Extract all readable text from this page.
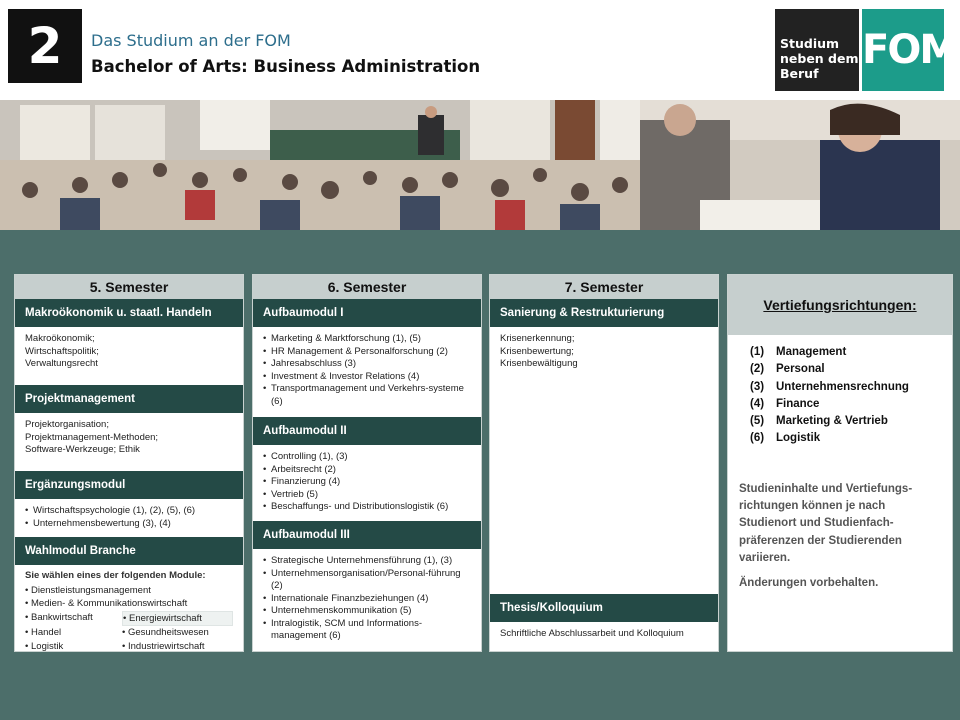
2	Das Studium an der FOM
Bachelor of Arts: Business Administration
Studium
neben dem
Beruf
FOM
5. Semester
Makroökonomik u. staatl. Handeln
Makroökonomik;
Wirtschaftspolitik;
Verwaltungsrecht
Projektmanagement
Projektorganisation;
Projektmanagement-Methoden;
Software-Werkzeuge; Ethik
Ergänzungsmodul
• Wirtschaftspsychologie (1), (2), (5), (6)
• Unternehmensbewertung (3), (4)
Wahlmodul Branche
Sie wählen eines der folgenden Module:
• Dienstleistungsmanagement
• Medien- & Kommunikationswirtschaft
• Bankwirtschaft	• Energiewirtschaft
• Handel	• Gesundheitswesen
• Logistik	• Industriewirtschaft
6. Semester
Aufbaumodul I
• Marketing & Marktforschung (1), (5)
• HR Management & Personalforschung (2)
• Jahresabschluss (3)
• Investment & Investor Relations (4)
• Transportmanagement und Verkehrs-systeme (6)
Aufbaumodul II
• Controlling (1), (3)
• Arbeitsrecht (2)
• Finanzierung (4)
• Vertrieb (5)
• Beschaffungs- und Distributionslogistik (6)
Aufbaumodul III
• Strategische Unternehmensführung (1), (3)
• Unternehmensorganisation/Personal-führung (2)
• Internationale Finanzbeziehungen (4)
• Unternehmenskommunikation (5)
• Intralogistik, SCM und Informations-management (6)
7. Semester
Sanierung & Restrukturierung
Krisenerkennung;
Krisenbewertung;
Krisenbewältigung
Thesis/Kolloquium
Schriftliche Abschlussarbeit und Kolloquium
Vertiefungsrichtungen:
(1) Management
(2) Personal
(3) Unternehmensrechnung
(4) Finance
(5) Marketing & Vertrieb
(6) Logistik
Studieninhalte und Vertiefungs-richtungen können je nach Studienort und Studienfach-präferenzen der Studierenden variieren.
Änderungen vorbehalten.
